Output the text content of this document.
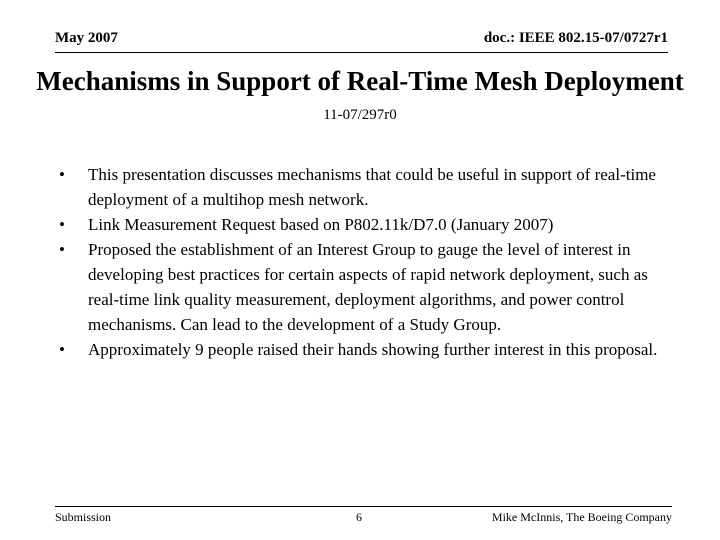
May 2007	doc.: IEEE 802.15-07/0727r1
Mechanisms in Support of Real-Time Mesh Deployment
11-07/297r0
• This presentation discusses mechanisms that could be useful in support of real-time deployment of a multihop mesh network.
• Link Measurement Request based on P802.11k/D7.0 (January 2007)
• Proposed the establishment of an Interest Group to gauge the level of interest in developing best practices for certain aspects of rapid network deployment, such as real-time link quality measurement, deployment algorithms, and power control mechanisms. Can lead to the development of a Study Group.
• Approximately 9 people raised their hands showing further interest in this proposal.
Submission	6	Mike McInnis, The Boeing Company
